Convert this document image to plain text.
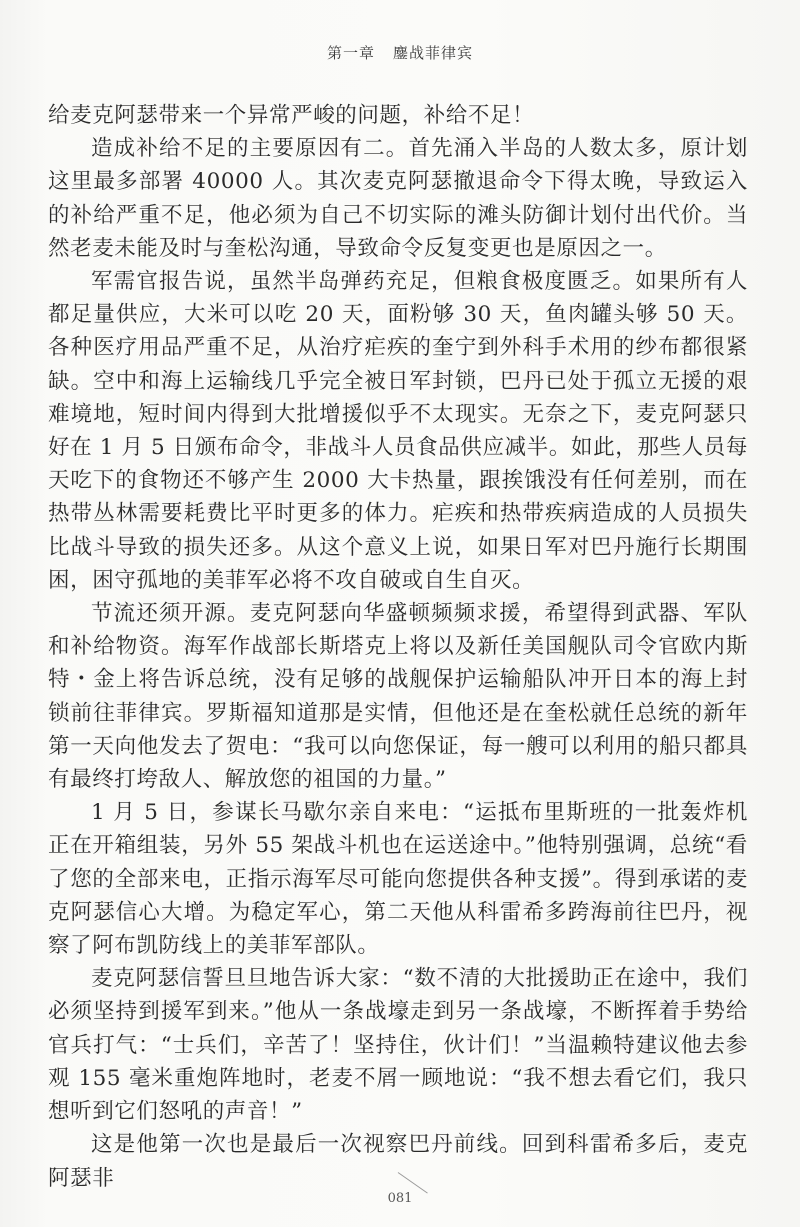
第一章 鏖战菲律宾

给麦克阿瑟带来一个异常严峻的问题，补给不足！

造成补给不足的主要原因有二。首先涌入半岛的人数太多，原计划这里最多部署 40000 人。其次麦克阿瑟撤退命令下得太晚，导致运入的补给严重不足，他必须为自己不切实际的滩头防御计划付出代价。当然老麦未能及时与奎松沟通，导致命令反复变更也是原因之一。

军需官报告说，虽然半岛弹药充足，但粮食极度匮乏。如果所有人都足量供应，大米可以吃 20 天，面粉够 30 天，鱼肉罐头够 50 天。各种医疗用品严重不足，从治疗疟疾的奎宁到外科手术用的纱布都很紧缺。空中和海上运输线几乎完全被日军封锁，巴丹已处于孤立无援的艰难境地，短时间内得到大批增援似乎不太现实。无奈之下，麦克阿瑟只好在 1 月 5 日颁布命令，非战斗人员食品供应减半。如此，那些人员每天吃下的食物还不够产生 2000 大卡热量，跟挨饿没有任何差别，而在热带丛林需要耗费比平时更多的体力。疟疾和热带疾病造成的人员损失比战斗导致的损失还多。从这个意义上说，如果日军对巴丹施行长期围困，困守孤地的美菲军必将不攻自破或自生自灭。

节流还须开源。麦克阿瑟向华盛顿频频求援，希望得到武器、军队和补给物资。海军作战部长斯塔克上将以及新任美国舰队司令官欧内斯特・金上将告诉总统，没有足够的战舰保护运输船队冲开日本的海上封锁前往菲律宾。罗斯福知道那是实情，但他还是在奎松就任总统的新年第一天向他发去了贺电：“我可以向您保证，每一艘可以利用的船只都具有最终打垮敌人、解放您的祖国的力量。”

1 月 5 日，参谋长马歇尔亲自来电：“运抵布里斯班的一批轰炸机正在开箱组装，另外 55 架战斗机也在运送途中。”他特别强调，总统“看了您的全部来电，正指示海军尽可能向您提供各种支援”。得到承诺的麦克阿瑟信心大增。为稳定军心，第二天他从科雷希多跨海前往巴丹，视察了阿布凯防线上的美菲军部队。

麦克阿瑟信誓旦旦地告诉大家：“数不清的大批援助正在途中，我们必须坚持到援军到来。”他从一条战壕走到另一条战壕，不断挥着手势给官兵打气：“士兵们，辛苦了！坚持住，伙计们！”当温赖特建议他去参观 155 毫米重炮阵地时，老麦不屑一顾地说：“我不想去看它们，我只想听到它们怒吼的声音！”

这是他第一次也是最后一次视察巴丹前线。回到科雷希多后，麦克阿瑟非

081
